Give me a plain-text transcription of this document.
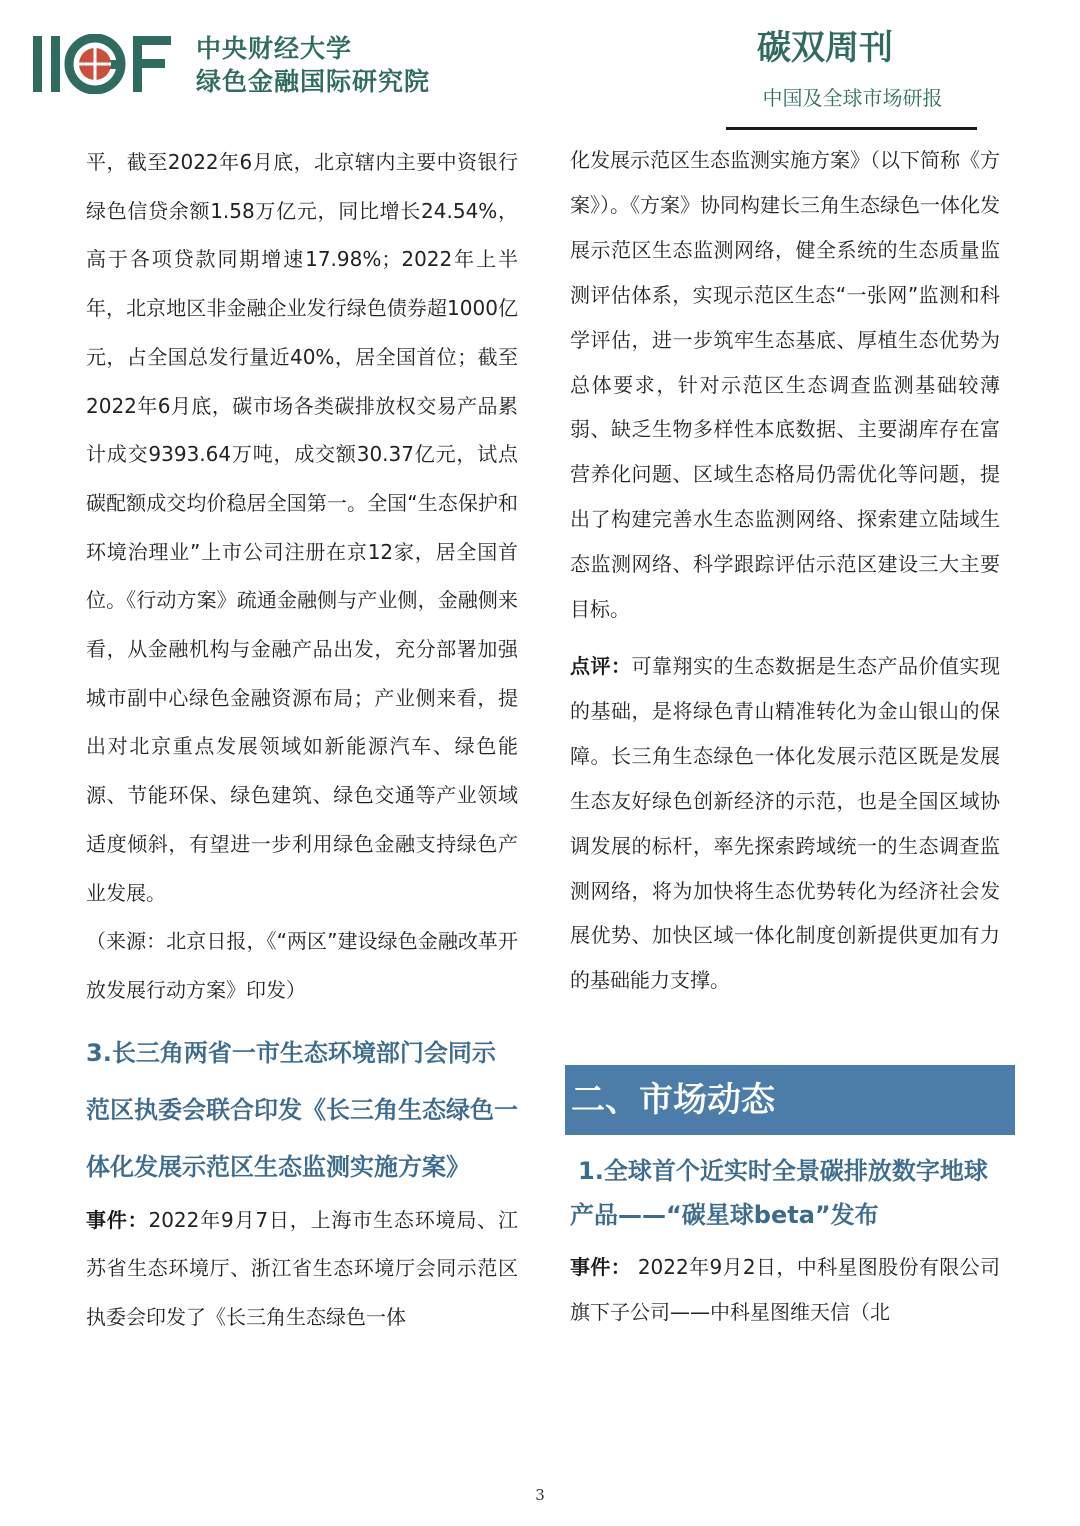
中央财经大学
绿色金融国际研究院
碳双周刊
中国及全球市场研报

平，截至2022年6月底，北京辖内主要中资银行绿色信贷余额1.58万亿元，同比增长24.54%，高于各项贷款同期增速17.98%；2022年上半年，北京地区非金融企业发行绿色债券超1000亿元，占全国总发行量近40%，居全国首位；截至2022年6月底，碳市场各类碳排放权交易产品累计成交9393.64万吨，成交额30.37亿元，试点碳配额成交均价稳居全国第一。全国“生态保护和环境治理业”上市公司注册在京12家，居全国首位。《行动方案》疏通金融侧与产业侧，金融侧来看，从金融机构与金融产品出发，充分部署加强城市副中心绿色金融资源布局；产业侧来看，提出对北京重点发展领域如新能源汽车、绿色能源、节能环保、绿色建筑、绿色交通等产业领域适度倾斜，有望进一步利用绿色金融支持绿色产业发展。

（来源：北京日报，《“两区”建设绿色金融改革开放发展行动方案》印发）

3.长三角两省一市生态环境部门会同示范区执委会联合印发《长三角生态绿色一体化发展示范区生态监测实施方案》

事件：2022年9月7日，上海市生态环境局、江苏省生态环境厅、浙江省生态环境厅会同示范区执委会印发了《长三角生态绿色一体

化发展示范区生态监测实施方案》（以下简称《方案》）。《方案》协同构建长三角生态绿色一体化发展示范区生态监测网络，健全系统的生态质量监测评估体系，实现示范区生态“一张网”监测和科学评估，进一步筑牢生态基底、厚植生态优势为总体要求，针对示范区生态调查监测基础较薄弱、缺乏生物多样性本底数据、主要湖库存在富营养化问题、区域生态格局仍需优化等问题，提出了构建完善水生态监测网络、探索建立陆域生态监测网络、科学跟踪评估示范区建设三大主要目标。

点评：可靠翔实的生态数据是生态产品价值实现的基础，是将绿色青山精准转化为金山银山的保障。长三角生态绿色一体化发展示范区既是发展生态友好绿色创新经济的示范，也是全国区域协调发展的标杆，率先探索跨域统一的生态调查监测网络，将为加快将生态优势转化为经济社会发展优势、加快区域一体化制度创新提供更加有力的基础能力支撑。

二、市场动态
1.全球首个近实时全景碳排放数字地球产品——“碳星球beta”发布

事件： 2022年9月2日，中科星图股份有限公司旗下子公司——中科星图维天信（北

3
